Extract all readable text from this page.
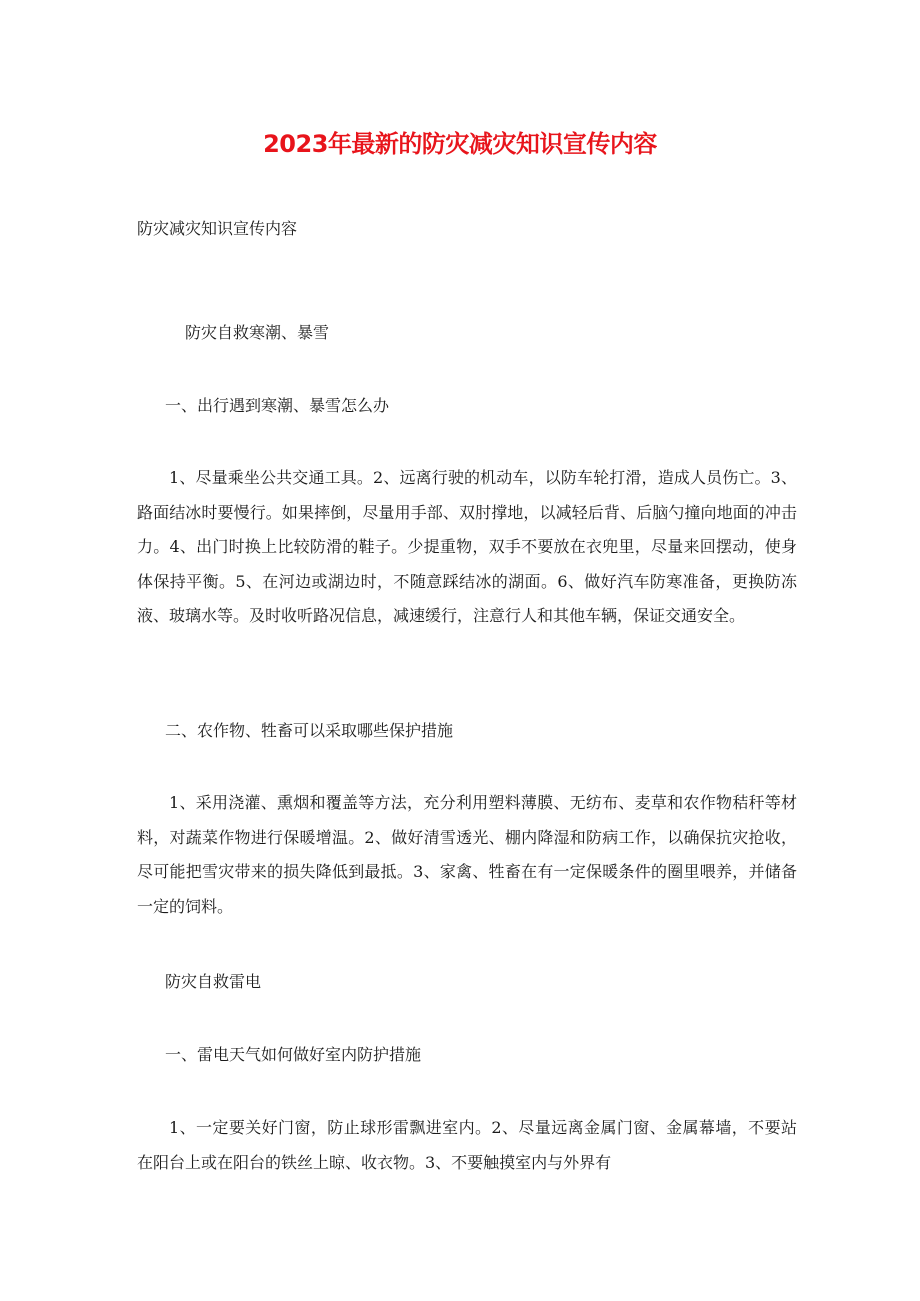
2023年最新的防灾减灾知识宣传内容
防灾减灾知识宣传内容
防灾自救寒潮、暴雪
一、出行遇到寒潮、暴雪怎么办
1、尽量乘坐公共交通工具。2、远离行驶的机动车，以防车轮打滑，造成人员伤亡。3、路面结冰时要慢行。如果摔倒，尽量用手部、双肘撑地，以减轻后背、后脑勺撞向地面的冲击力。4、出门时换上比较防滑的鞋子。少提重物，双手不要放在衣兜里，尽量来回摆动，使身体保持平衡。5、在河边或湖边时，不随意踩结冰的湖面。6、做好汽车防寒准备，更换防冻液、玻璃水等。及时收听路况信息，减速缓行，注意行人和其他车辆，保证交通安全。
二、农作物、牲畜可以采取哪些保护措施
1、采用浇灌、熏烟和覆盖等方法，充分利用塑料薄膜、无纺布、麦草和农作物秸秆等材料，对蔬菜作物进行保暖增温。2、做好清雪透光、棚内降湿和防病工作，以确保抗灾抢收，尽可能把雪灾带来的损失降低到最抵。3、家禽、牲畜在有一定保暖条件的圈里喂养，并储备一定的饲料。
防灾自救雷电
一、雷电天气如何做好室内防护措施
1、一定要关好门窗，防止球形雷飘进室内。2、尽量远离金属门窗、金属幕墙，不要站在阳台上或在阳台的铁丝上晾、收衣物。3、不要触摸室内与外界有
